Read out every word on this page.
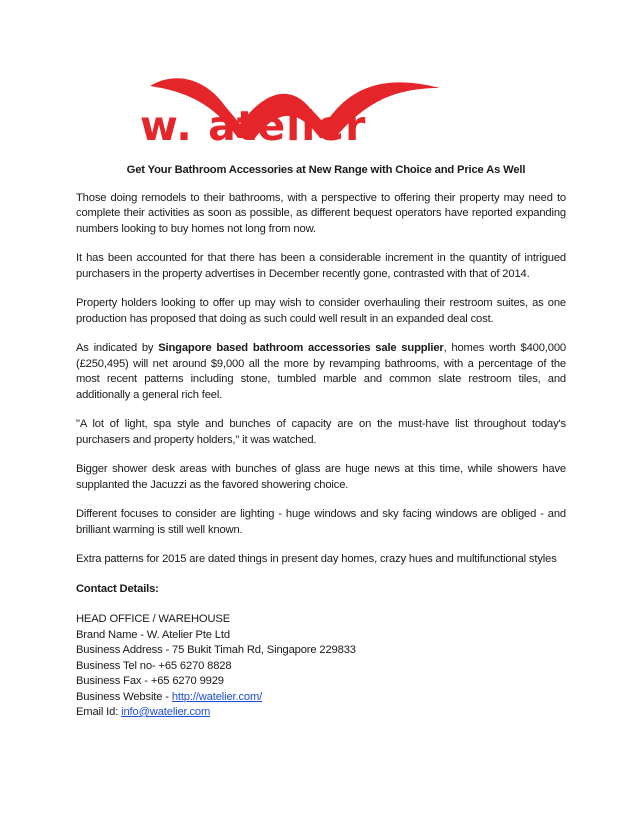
w. atelier
Get Your Bathroom Accessories at New Range with Choice and Price As Well

Those doing remodels to their bathrooms, with a perspective to offering their property may need to complete their activities as soon as possible, as different bequest operators have reported expanding numbers looking to buy homes not long from now.

It has been accounted for that there has been a considerable increment in the quantity of intrigued purchasers in the property advertises in December recently gone, contrasted with that of 2014.

Property holders looking to offer up may wish to consider overhauling their restroom suites, as one production has proposed that doing as such could well result in an expanded deal cost.

As indicated by Singapore based bathroom accessories sale supplier, homes worth $400,000 (£250,495) will net around $9,000 all the more by revamping bathrooms, with a percentage of the most recent patterns including stone, tumbled marble and common slate restroom tiles, and additionally a general rich feel.

"A lot of light, spa style and bunches of capacity are on the must-have list throughout today's purchasers and property holders," it was watched.

Bigger shower desk areas with bunches of glass are huge news at this time, while showers have supplanted the Jacuzzi as the favored showering choice.

Different focuses to consider are lighting - huge windows and sky facing windows are obliged - and brilliant warming is still well known.

Extra patterns for 2015 are dated things in present day homes, crazy hues and multifunctional styles

Contact Details:
HEAD OFFICE / WAREHOUSE
Brand Name - W. Atelier Pte Ltd
Business Address - 75 Bukit Timah Rd, Singapore 229833
Business Tel no- +65 6270 8828
Business Fax - +65 6270 9929
Business Website - http://watelier.com/
Email Id: info@watelier.com
